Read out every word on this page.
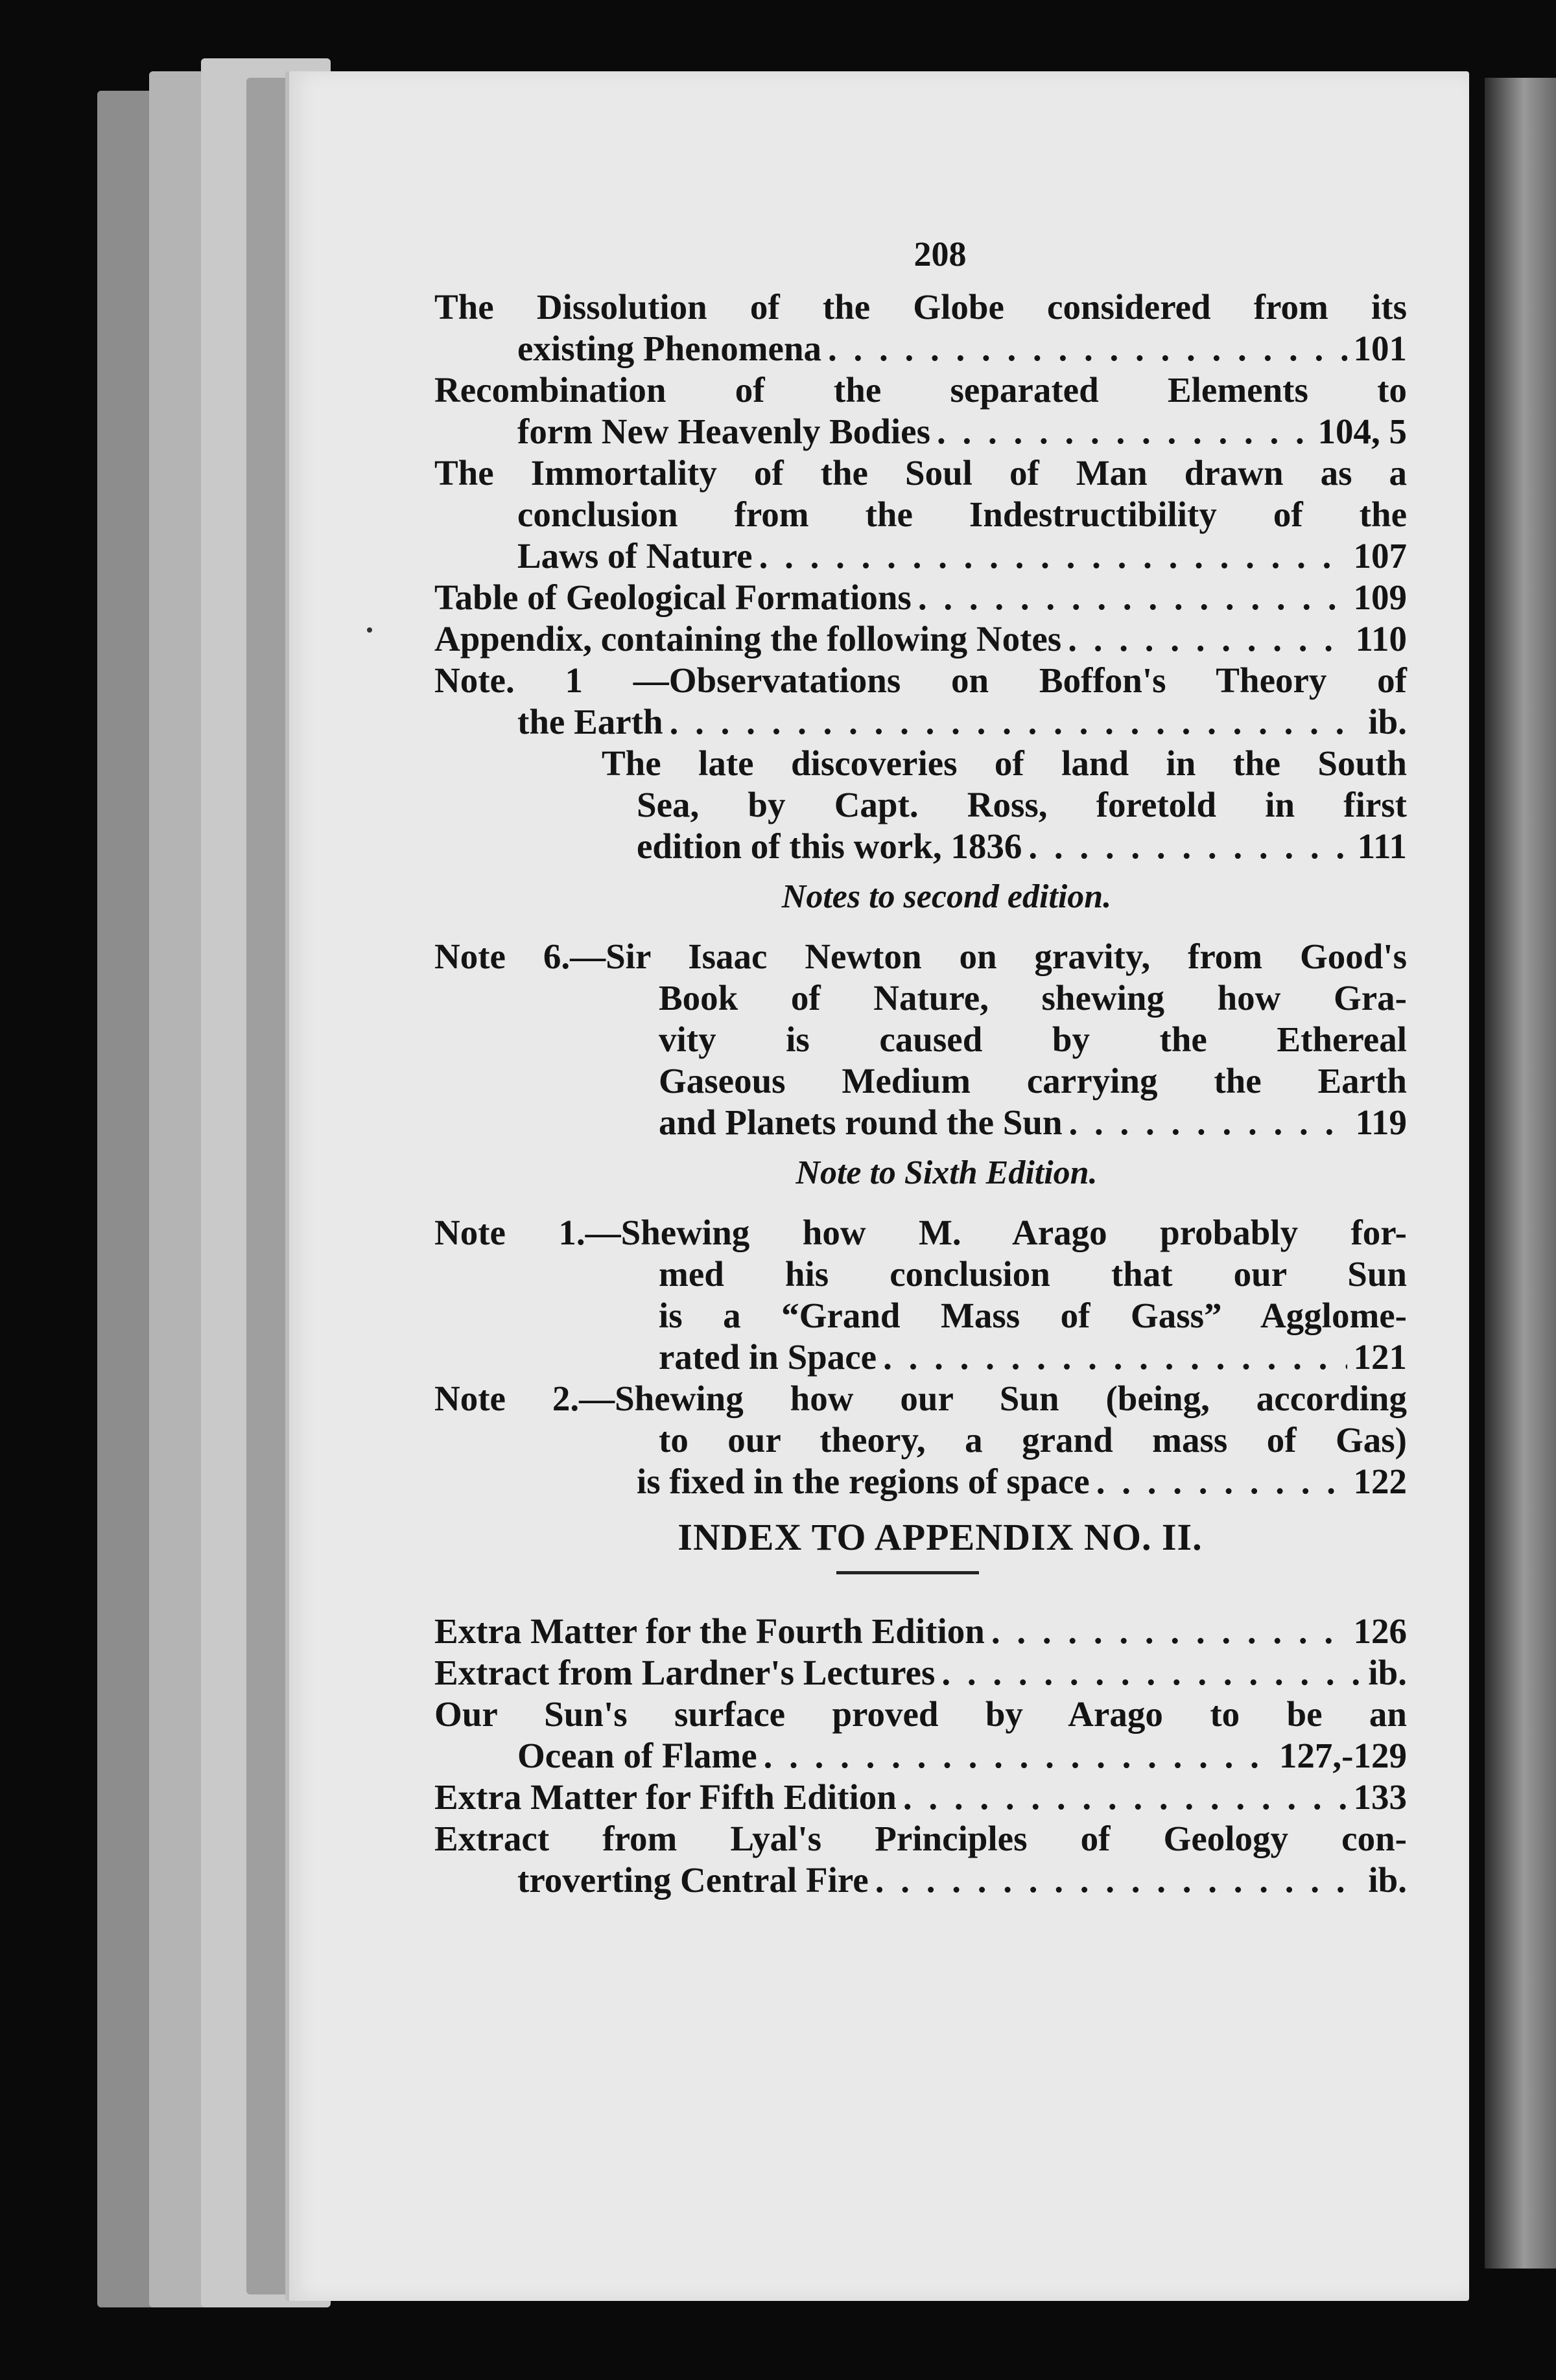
208
The Dissolution of the Globe considered from its
existing Phenomena . . .	101
Recombination of the separated Elements to
form New Heavenly Bodies . . .	104, 5
The Immortality of the Soul of Man drawn as a
conclusion from the Indestructibility of the
Laws of Nature . . .	107
Table of Geological Formations . . .	109
Appendix, containing the following Notes . . .	110
Note. 1 —Observatations on Boffon's Theory of
the Earth . . .	ib.
The late discoveries of land in the South
Sea, by Capt. Ross, foretold in first
edition of this work, 1836 . . .	111
Notes to second edition.
Note 6.—Sir Isaac Newton on gravity, from Good's
Book of Nature, shewing how Gra-
vity is caused by the Ethereal
Gaseous Medium carrying the Earth
and Planets round the Sun . . .	119
Note to Sixth Edition.
Note 1.—Shewing how M. Arago probably for-
med his conclusion that our Sun
is a “Grand Mass of Gass” Agglome-
rated in Space . . .	121
Note 2.—Shewing how our Sun (being, according
to our theory, a grand mass of Gas)
is fixed in the regions of space . . .	122
INDEX TO APPENDIX NO. II.
Extra Matter for the Fourth Edition . . .	126
Extract from Lardner's Lectures . . .	ib.
Our Sun's surface proved by Arago to be an
Ocean of Flame . . .	127,-129
Extra Matter for Fifth Edition . . .	133
Extract from Lyal's Principles of Geology con-
troverting Central Fire . . .	ib.
